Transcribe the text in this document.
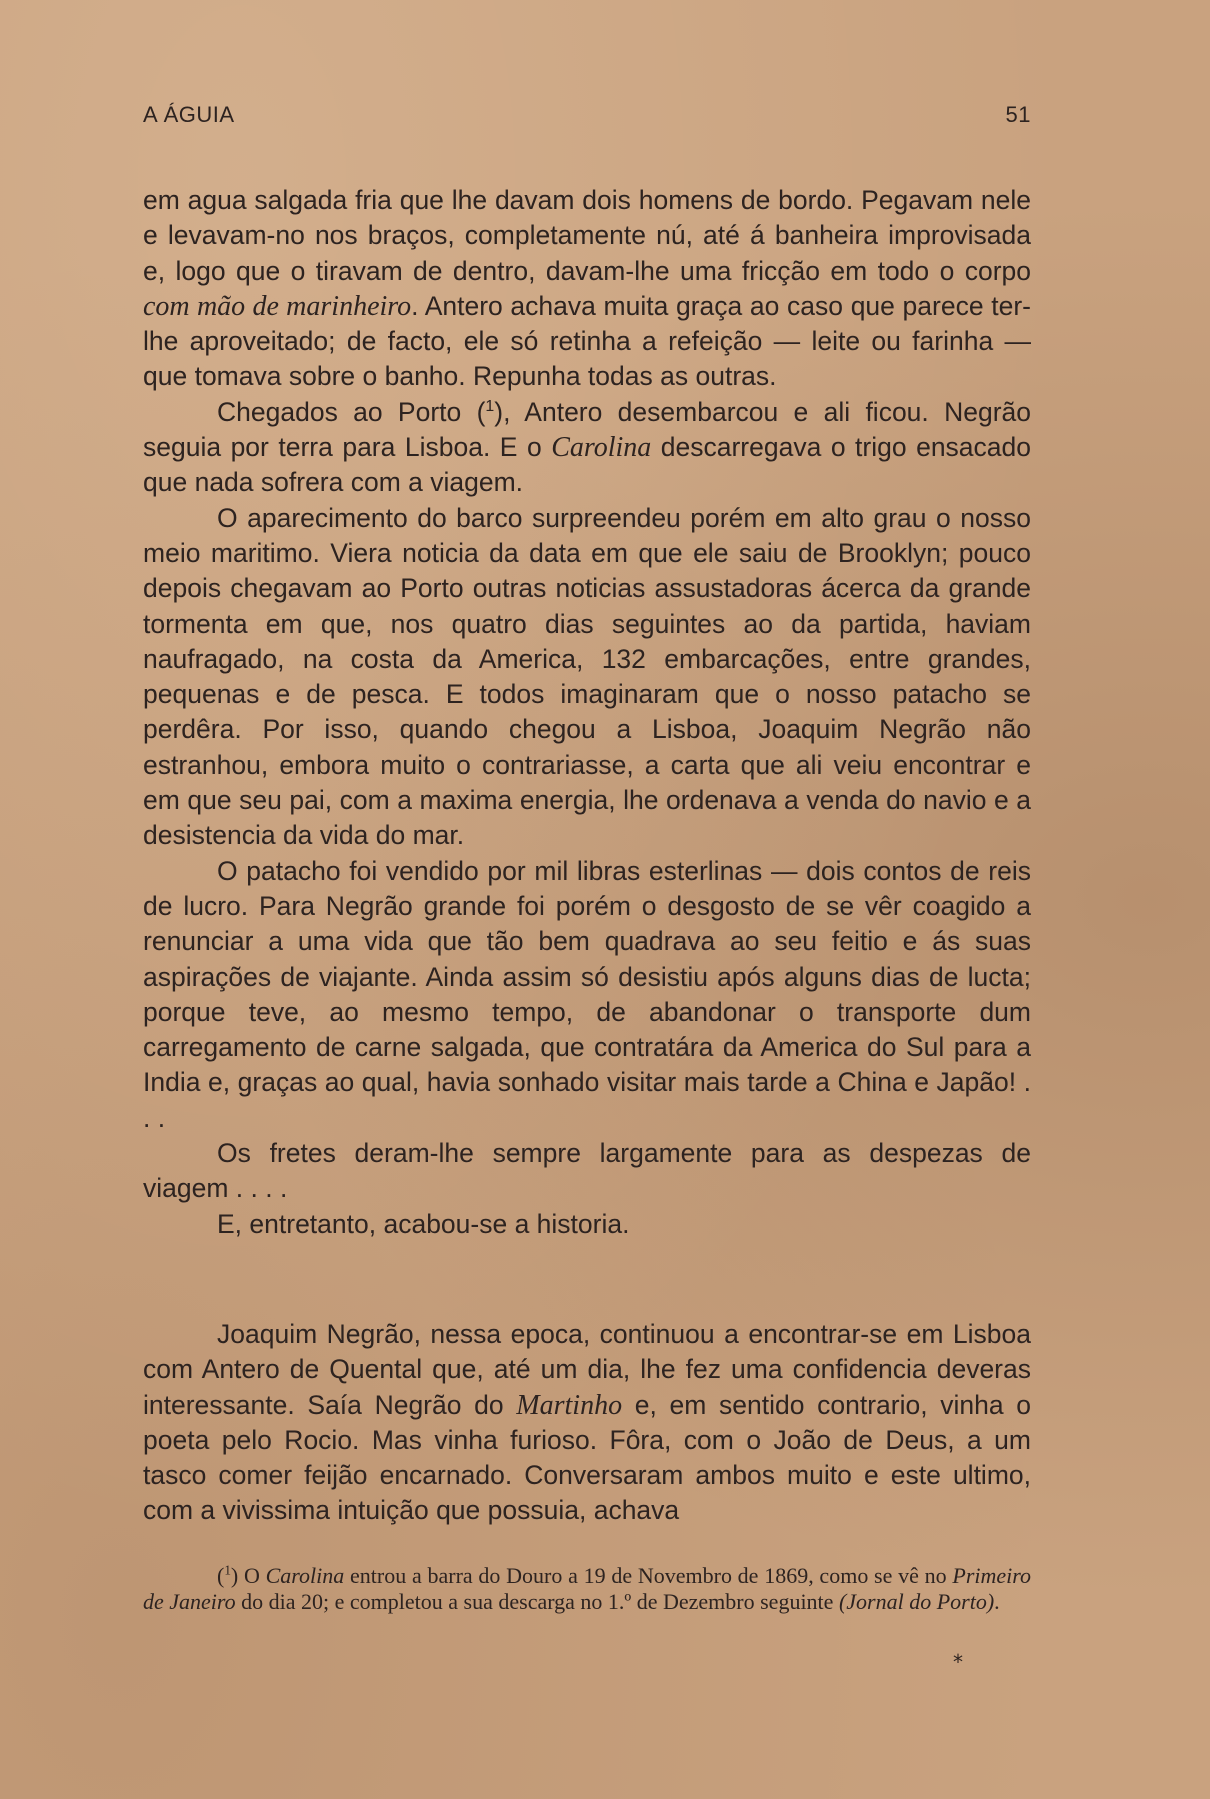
A ÁGUIA	51

em agua salgada fria que lhe davam dois homens de bordo. Pegavam nele e levavam-no nos braços, completamente nú, até á banheira improvisada e, logo que o tiravam de dentro, davam-lhe uma fricção em todo o corpo com mão de marinheiro. Antero achava muita graça ao caso que parece ter-lhe aproveitado; de facto, ele só retinha a refeição — leite ou farinha — que tomava sobre o banho. Repunha todas as outras.

Chegados ao Porto ($^1$), Antero desembarcou e ali ficou. Negrão seguia por terra para Lisboa. E o Carolina descarregava o trigo ensacado que nada sofrera com a viagem.

O aparecimento do barco surpreendeu porém em alto grau o nosso meio maritimo. Viera noticia da data em que ele saiu de Brooklyn; pouco depois chegavam ao Porto outras noticias assustadoras ácerca da grande tormenta em que, nos quatro dias seguintes ao da partida, haviam naufragado, na costa da America, 132 embarcações, entre grandes, pequenas e de pesca. E todos imaginaram que o nosso patacho se perdêra. Por isso, quando chegou a Lisboa, Joaquim Negrão não estranhou, embora muito o contrariasse, a carta que ali veiu encontrar e em que seu pai, com a maxima energia, lhe ordenava a venda do navio e a desistencia da vida do mar.

O patacho foi vendido por mil libras esterlinas — dois contos de reis de lucro. Para Negrão grande foi porém o desgosto de se vêr coagido a renunciar a uma vida que tão bem quadrava ao seu feitio e ás suas aspirações de viajante. Ainda assim só desistiu após alguns dias de lucta; porque teve, ao mesmo tempo, de abandonar o transporte dum carregamento de carne salgada, que contratára da America do Sul para a India e, graças ao qual, havia sonhado visitar mais tarde a China e Japão! . . .

Os fretes deram-lhe sempre largamente para as despezas de viagem . . . .

E, entretanto, acabou-se a historia.

Joaquim Negrão, nessa epoca, continuou a encontrar-se em Lisboa com Antero de Quental que, até um dia, lhe fez uma confidencia deveras interessante. Saía Negrão do Martinho e, em sentido contrario, vinha o poeta pelo Rocio. Mas vinha furioso. Fôra, com o João de Deus, a um tasco comer feijão encarnado. Conversaram ambos muito e este ultimo, com a vivissima intuição que possuia, achava

($^1$) O Carolina entrou a barra do Douro a 19 de Novembro de 1869, como se vê no Primeiro de Janeiro do dia 20; e completou a sua descarga no 1.º de Dezembro seguinte (Jornal do Porto).

*
